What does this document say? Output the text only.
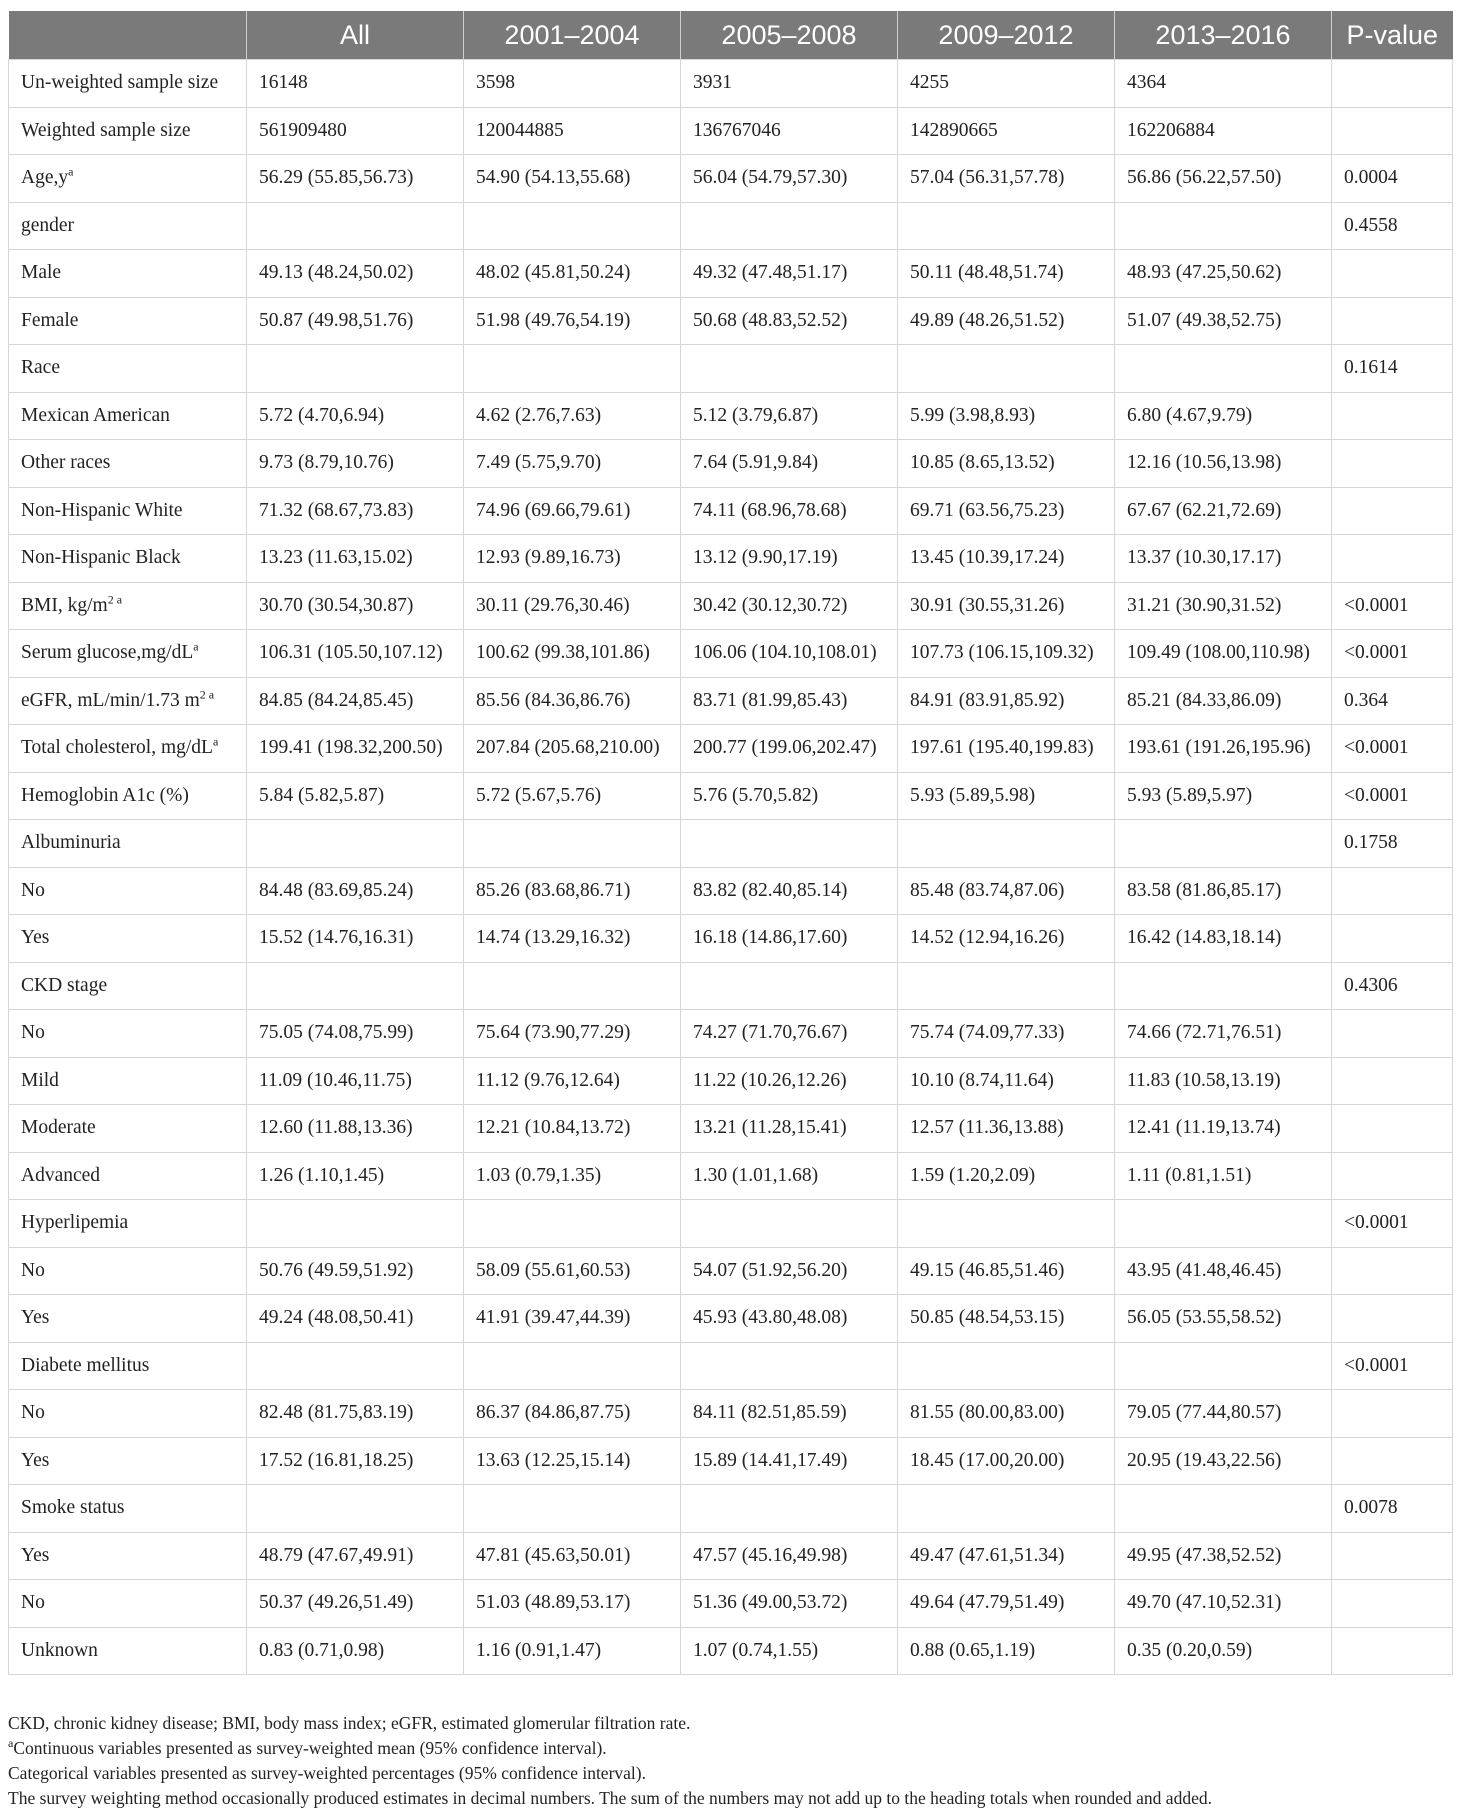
	All	2001–2004	2005–2008	2009–2012	2013–2016	P-value
Un-weighted sample size	16148	3598	3931	4255	4364	
Weighted sample size	561909480	120044885	136767046	142890665	162206884	
$Age,y^a$	56.29 (55.85,56.73)	54.90 (54.13,55.68)	56.04 (54.79,57.30)	57.04 (56.31,57.78)	56.86 (56.22,57.50)	0.0004
gender						0.4558
Male	49.13 (48.24,50.02)	48.02 (45.81,50.24)	49.32 (47.48,51.17)	50.11 (48.48,51.74)	48.93 (47.25,50.62)	
Female	50.87 (49.98,51.76)	51.98 (49.76,54.19)	50.68 (48.83,52.52)	49.89 (48.26,51.52)	51.07 (49.38,52.75)	
Race						0.1614
Mexican American	5.72 (4.70,6.94)	4.62 (2.76,7.63)	5.12 (3.79,6.87)	5.99 (3.98,8.93)	6.80 (4.67,9.79)	
Other races	9.73 (8.79,10.76)	7.49 (5.75,9.70)	7.64 (5.91,9.84)	10.85 (8.65,13.52)	12.16 (10.56,13.98)	
Non-Hispanic White	71.32 (68.67,73.83)	74.96 (69.66,79.61)	74.11 (68.96,78.68)	69.71 (63.56,75.23)	67.67 (62.21,72.69)	
Non-Hispanic Black	13.23 (11.63,15.02)	12.93 (9.89,16.73)	13.12 (9.90,17.19)	13.45 (10.39,17.24)	13.37 (10.30,17.17)	
BMI, $kg/m^{2 a}$	30.70 (30.54,30.87)	30.11 (29.76,30.46)	30.42 (30.12,30.72)	30.91 (30.55,31.26)	31.21 (30.90,31.52)	<0.0001
Serum $glucose,mg/dL^a$	106.31 (105.50,107.12)	100.62 (99.38,101.86)	106.06 (104.10,108.01)	107.73 (106.15,109.32)	109.49 (108.00,110.98)	<0.0001
eGFR, mL/min/1.73 $m^{2 a}$	84.85 (84.24,85.45)	85.56 (84.36,86.76)	83.71 (81.99,85.43)	84.91 (83.91,85.92)	85.21 (84.33,86.09)	0.364
Total cholesterol, $mg/dL^a$	199.41 (198.32,200.50)	207.84 (205.68,210.00)	200.77 (199.06,202.47)	197.61 (195.40,199.83)	193.61 (191.26,195.96)	<0.0001
Hemoglobin A1c (%)	5.84 (5.82,5.87)	5.72 (5.67,5.76)	5.76 (5.70,5.82)	5.93 (5.89,5.98)	5.93 (5.89,5.97)	<0.0001
Albuminuria						0.1758
No	84.48 (83.69,85.24)	85.26 (83.68,86.71)	83.82 (82.40,85.14)	85.48 (83.74,87.06)	83.58 (81.86,85.17)	
Yes	15.52 (14.76,16.31)	14.74 (13.29,16.32)	16.18 (14.86,17.60)	14.52 (12.94,16.26)	16.42 (14.83,18.14)	
CKD stage						0.4306
No	75.05 (74.08,75.99)	75.64 (73.90,77.29)	74.27 (71.70,76.67)	75.74 (74.09,77.33)	74.66 (72.71,76.51)	
Mild	11.09 (10.46,11.75)	11.12 (9.76,12.64)	11.22 (10.26,12.26)	10.10 (8.74,11.64)	11.83 (10.58,13.19)	
Moderate	12.60 (11.88,13.36)	12.21 (10.84,13.72)	13.21 (11.28,15.41)	12.57 (11.36,13.88)	12.41 (11.19,13.74)	
Advanced	1.26 (1.10,1.45)	1.03 (0.79,1.35)	1.30 (1.01,1.68)	1.59 (1.20,2.09)	1.11 (0.81,1.51)	
Hyperlipemia						<0.0001
No	50.76 (49.59,51.92)	58.09 (55.61,60.53)	54.07 (51.92,56.20)	49.15 (46.85,51.46)	43.95 (41.48,46.45)	
Yes	49.24 (48.08,50.41)	41.91 (39.47,44.39)	45.93 (43.80,48.08)	50.85 (48.54,53.15)	56.05 (53.55,58.52)	
Diabete mellitus						<0.0001
No	82.48 (81.75,83.19)	86.37 (84.86,87.75)	84.11 (82.51,85.59)	81.55 (80.00,83.00)	79.05 (77.44,80.57)	
Yes	17.52 (16.81,18.25)	13.63 (12.25,15.14)	15.89 (14.41,17.49)	18.45 (17.00,20.00)	20.95 (19.43,22.56)	
Smoke status						0.0078
Yes	48.79 (47.67,49.91)	47.81 (45.63,50.01)	47.57 (45.16,49.98)	49.47 (47.61,51.34)	49.95 (47.38,52.52)	
No	50.37 (49.26,51.49)	51.03 (48.89,53.17)	51.36 (49.00,53.72)	49.64 (47.79,51.49)	49.70 (47.10,52.31)	
Unknown	0.83 (0.71,0.98)	1.16 (0.91,1.47)	1.07 (0.74,1.55)	0.88 (0.65,1.19)	0.35 (0.20,0.59)	
CKD, chronic kidney disease; BMI, body mass index; eGFR, estimated glomerular filtration rate.
$^a$Continuous variables presented as survey-weighted mean (95% confidence interval).
Categorical variables presented as survey-weighted percentages (95% confidence interval).
The survey weighting method occasionally produced estimates in decimal numbers. The sum of the numbers may not add up to the heading totals when rounded and added.
